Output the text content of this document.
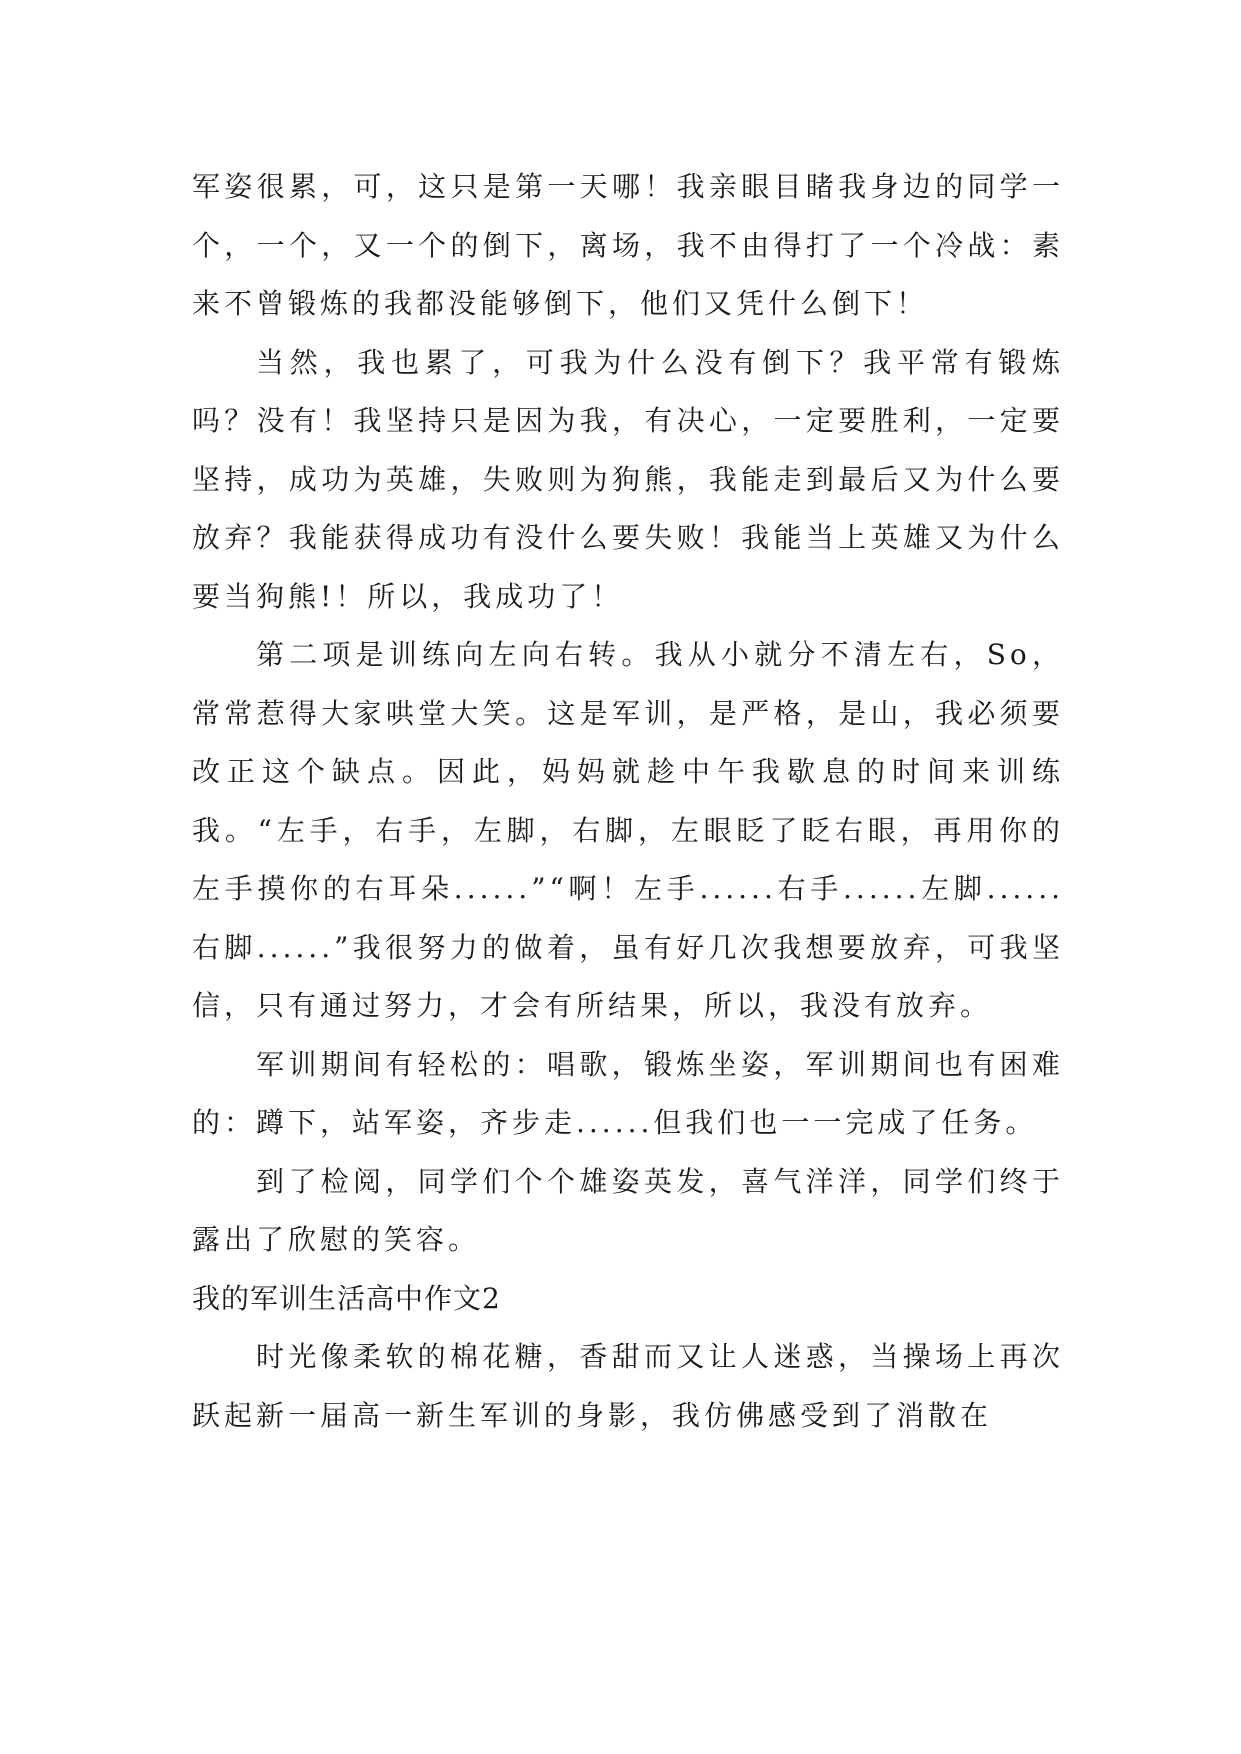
军姿很累，可，这只是第一天哪！我亲眼目睹我身边的同学一个，一个，又一个的倒下，离场，我不由得打了一个冷战：素来不曾锻炼的我都没能够倒下，他们又凭什么倒下！

当然，我也累了，可我为什么没有倒下？我平常有锻炼吗？没有！我坚持只是因为我，有决心，一定要胜利，一定要坚持，成功为英雄，失败则为狗熊，我能走到最后又为什么要放弃？我能获得成功有没什么要失败！我能当上英雄又为什么要当狗熊!！所以，我成功了！

第二项是训练向左向右转。我从小就分不清左右，So，常常惹得大家哄堂大笑。这是军训，是严格，是山，我必须要改正这个缺点。因此，妈妈就趁中午我歇息的时间来训练我。“左手，右手，左脚，右脚，左眼眨了眨右眼，再用你的左手摸你的右耳朵......”“啊！左手......右手......左脚......右脚......”我很努力的做着，虽有好几次我想要放弃，可我坚信，只有通过努力，才会有所结果，所以，我没有放弃。

军训期间有轻松的：唱歌，锻炼坐姿，军训期间也有困难的：蹲下，站军姿，齐步走......但我们也一一完成了任务。

到了检阅，同学们个个雄姿英发，喜气洋洋，同学们终于露出了欣慰的笑容。

我的军训生活高中作文2

时光像柔软的棉花糖，香甜而又让人迷惑，当操场上再次跃起新一届高一新生军训的身影，我仿佛感受到了消散在
